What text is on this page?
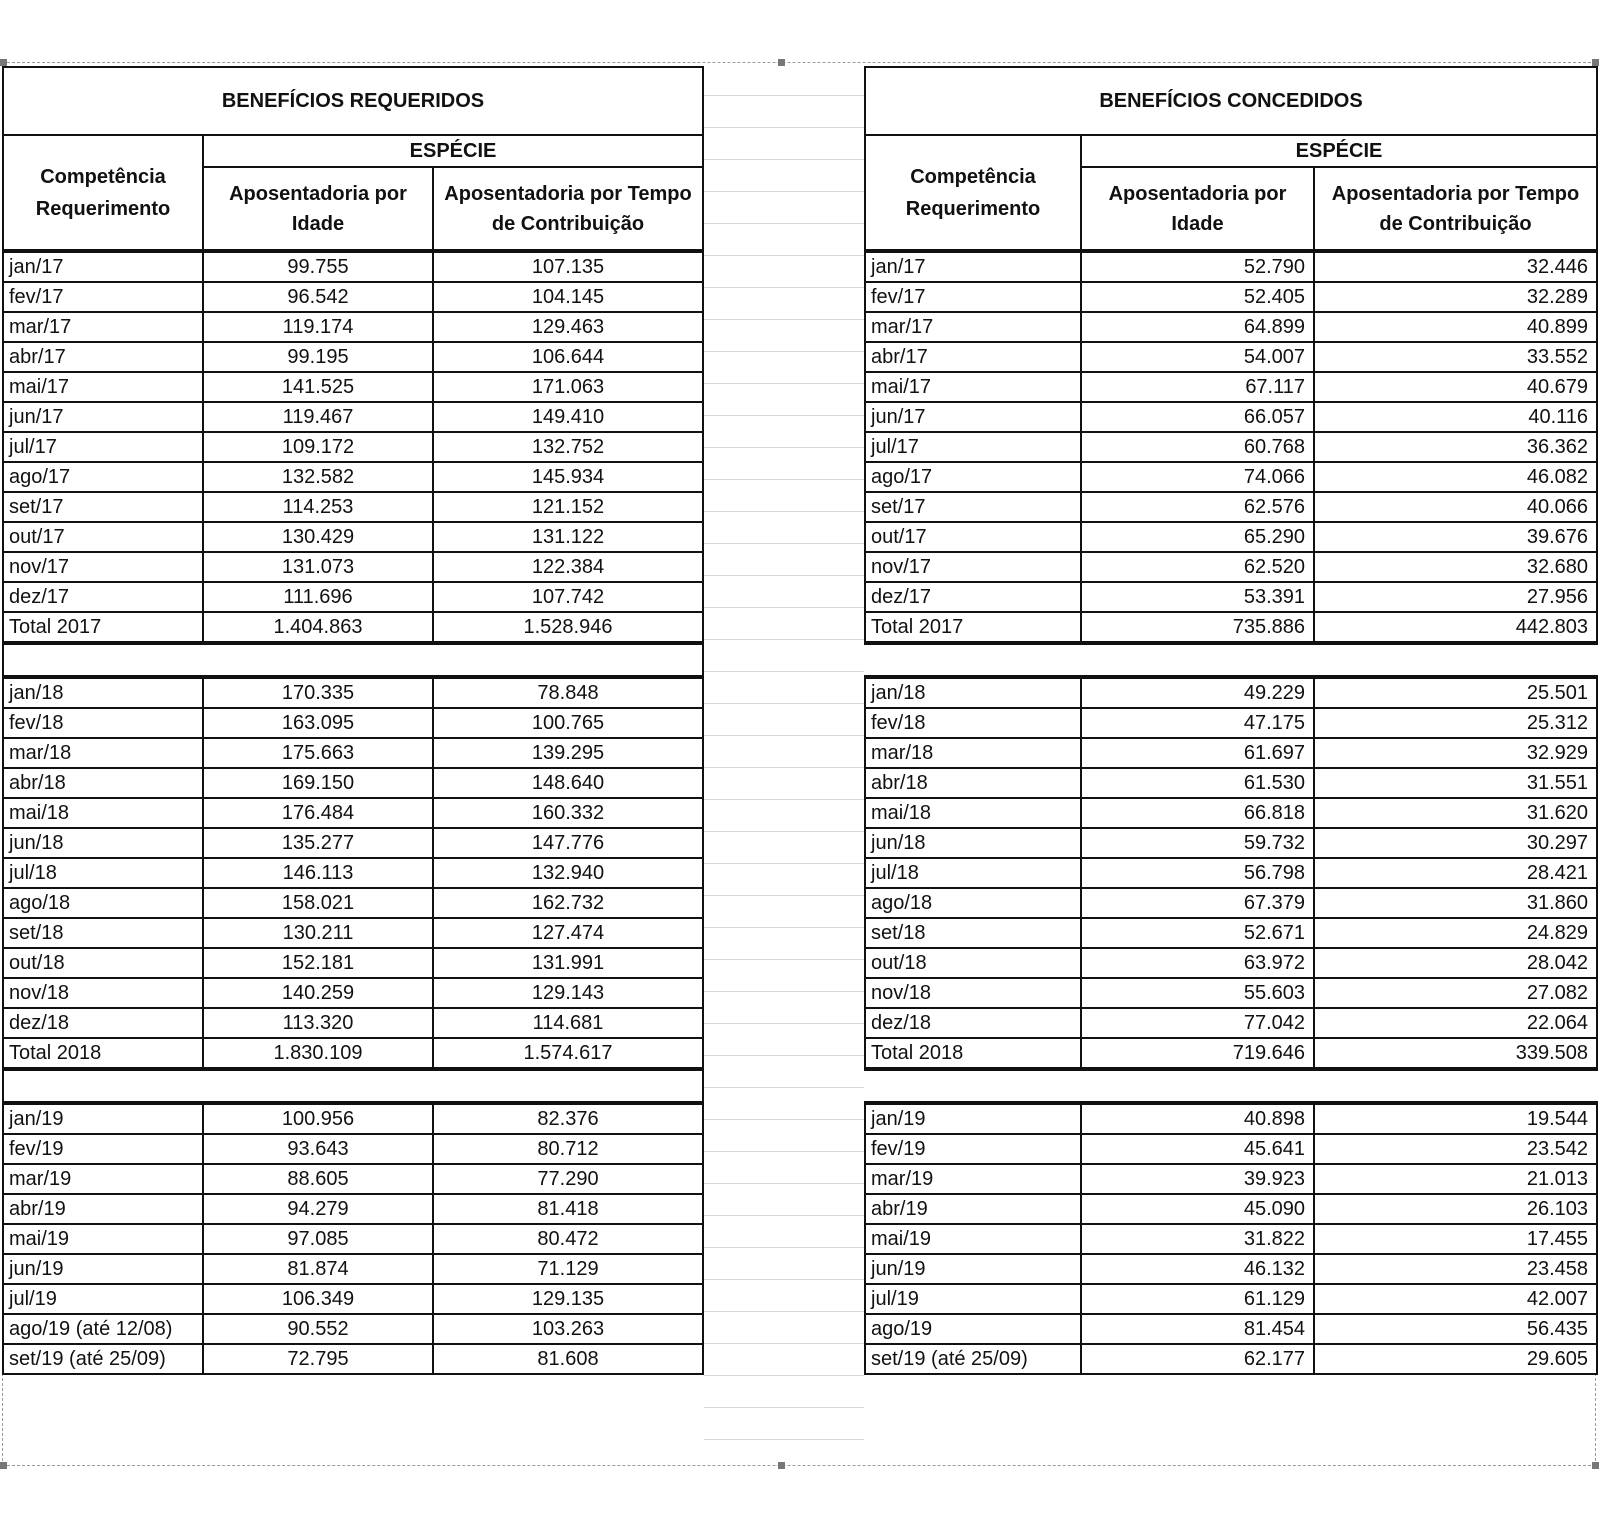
BENEFÍCIOS REQUERIDOS		
Competência Requerimento	ESPÉCIE	
	Aposentadoria por Idade	Aposentadoria por Tempo de Contribuição
jan/17	99.755	107.135
fev/17	96.542	104.145
mar/17	119.174	129.463
abr/17	99.195	106.644
mai/17	141.525	171.063
jun/17	119.467	149.410
jul/17	109.172	132.752
ago/17	132.582	145.934
set/17	114.253	121.152
out/17	130.429	131.122
nov/17	131.073	122.384
dez/17	111.696	107.742
Total 2017	1.404.863	1.528.946

jan/18	170.335	78.848
fev/18	163.095	100.765
mar/18	175.663	139.295
abr/18	169.150	148.640
mai/18	176.484	160.332
jun/18	135.277	147.776
jul/18	146.113	132.940
ago/18	158.021	162.732
set/18	130.211	127.474
out/18	152.181	131.991
nov/18	140.259	129.143
dez/18	113.320	114.681
Total 2018	1.830.109	1.574.617

jan/19	100.956	82.376
fev/19	93.643	80.712
mar/19	88.605	77.290
abr/19	94.279	81.418
mai/19	97.085	80.472
jun/19	81.874	71.129
jul/19	106.349	129.135
ago/19 (até 12/08)	90.552	103.263
set/19 (até 25/09)	72.795	81.608
BENEFÍCIOS CONCEDIDOS		
Competência Requerimento	ESPÉCIE	
	Aposentadoria por Idade	Aposentadoria por Tempo de Contribuição
jan/17	52.790	32.446
fev/17	52.405	32.289
mar/17	64.899	40.899
abr/17	54.007	33.552
mai/17	67.117	40.679
jun/17	66.057	40.116
jul/17	60.768	36.362
ago/17	74.066	46.082
set/17	62.576	40.066
out/17	65.290	39.676
nov/17	62.520	32.680
dez/17	53.391	27.956
Total 2017	735.886	442.803

jan/18	49.229	25.501
fev/18	47.175	25.312
mar/18	61.697	32.929
abr/18	61.530	31.551
mai/18	66.818	31.620
jun/18	59.732	30.297
jul/18	56.798	28.421
ago/18	67.379	31.860
set/18	52.671	24.829
out/18	63.972	28.042
nov/18	55.603	27.082
dez/18	77.042	22.064
Total 2018	719.646	339.508

jan/19	40.898	19.544
fev/19	45.641	23.542
mar/19	39.923	21.013
abr/19	45.090	26.103
mai/19	31.822	17.455
jun/19	46.132	23.458
jul/19	61.129	42.007
ago/19	81.454	56.435
set/19 (até 25/09)	62.177	29.605
